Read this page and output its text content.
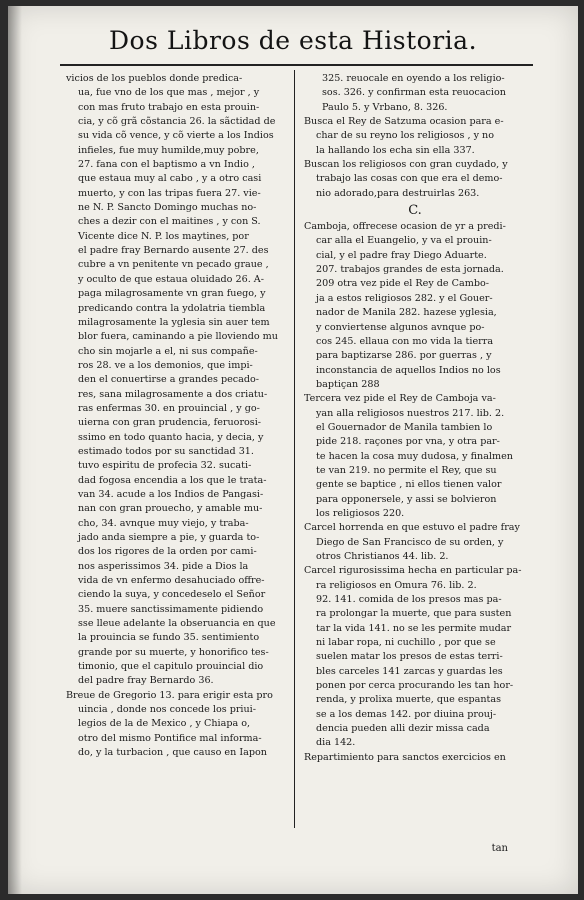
Dos Libros de esta Historia.
vicios de los pueblos donde predica-
ua, fue vno de los que mas , mejor , y
con mas fruto trabajo en esta prouin-
cia, y cõ grã cõstancia 26. la sãctidad de
su vida cõ vence, y cõ vierte a los Indios
infieles, fue muy humilde,muy pobre,
27. fana con el baptismo a vn Indio ,
que estaua muy al cabo , y a otro casi
muerto, y con las tripas fuera 27. vie-
ne N. P. Sancto Domingo muchas no-
ches a dezir con el maitines , y con S.
Vicente dice N. P. los maytines, por
el padre fray Bernardo ausente 27. des
cubre a vn penitente vn pecado graue ,
y oculto de que estaua oluidado 26. A-
paga milagrosamente vn gran fuego, y
predicando contra la ydolatria tiembla
milagrosamente la yglesia sin auer tem
blor fuera, caminando a pie lloviendo mu
cho sin mojarle a el, ni sus compañe-
ros 28. ve a los demonios, que impi-
den el conuertirse a grandes pecado-
res, sana milagrosamente a dos criatu-
ras enfermas 30. en prouincial , y go-
uierna con gran prudencia, feruorosi-
ssimo en todo quanto hacia, y decia, y
estimado todos por su sanctidad 31.
tuvo espiritu de profecia 32. sucati-
dad fogosa encendia a los que le trata-
van 34. acude a los Indios de Pangasi-
nan con gran prouecho, y amable mu-
cho, 34. avnque muy viejo, y traba-
jado anda siempre a pie, y guarda to-
dos los rigores de la orden por cami-
nos asperissimos 34. pide a Dios la
vida de vn enfermo desahuciado offre-
ciendo la suya, y concedeselo el Señor
35. muere sanctissimamente pidiendo
sse lleue adelante la obseruancia en que
la prouincia se fundo 35. sentimiento
grande por su muerte, y honorifico tes-
timonio, que el capitulo prouincial dio
del padre fray Bernardo 36.
Breue de Gregorio 13. para erigir esta pro
uincia , donde nos concede los priui-
legios de la de Mexico , y Chiapa o,
otro del mismo Pontifice mal informa-
do, y la turbacion , que causo en Iapon
325. reuocale en oyendo a los religio-
sos. 326. y confirman esta reuocacion
Paulo 5. y Vrbano, 8. 326.
Busca el Rey de Satzuma ocasion para e-
char de su reyno los religiosos , y no
la hallando los echa sin ella 337.
Buscan los religiosos con gran cuydado, y
trabajo las cosas con que era el demo-
nio adorado,para destruirlas 263.
C.
Camboja, offrecese ocasion de yr a predi-
car alla el Euangelio, y va el prouin-
cial, y el padre fray Diego Aduarte.
207. trabajos grandes de esta jornada.
209 otra vez pide el Rey de Cambo-
ja a estos religiosos 282. y el Gouer-
nador de Manila 282. hazese yglesia,
y conviertense algunos avnque po-
cos 245. ellaua con mo vida la tierra
para baptizarse 286. por guerras , y
inconstancia de aquellos Indios no los
baptiçan 288
Tercera vez pide el Rey de Camboja va-
yan alla religiosos nuestros 217. lib. 2.
el Gouernador de Manila tambien lo
pide 218. raçones por vna, y otra par-
te hacen la cosa muy dudosa, y finalmen
te van 219. no permite el Rey, que su
gente se baptice , ni ellos tienen valor
para opponersele, y assi se bolvieron
los religiosos 220.
Carcel horrenda en que estuvo el padre fray
Diego de San Francisco de su orden, y
otros Christianos 44. lib. 2.
Carcel rigurosissima hecha en particular pa-
ra religiosos en Omura 76. lib. 2.
92. 141. comida de los presos mas pa-
ra prolongar la muerte, que para susten
tar la vida 141. no se les permite mudar
ni labar ropa, ni cuchillo , por que se
suelen matar los presos de estas terri-
bles carceles 141 zarcas y guardas les
ponen por cerca procurando les tan hor-
renda, y prolixa muerte, que espantas
se a los demas 142. por diuina prouj-
dencia pueden alli dezir missa cada
dia 142.
Repartimiento para sanctos exercicios en
tan
